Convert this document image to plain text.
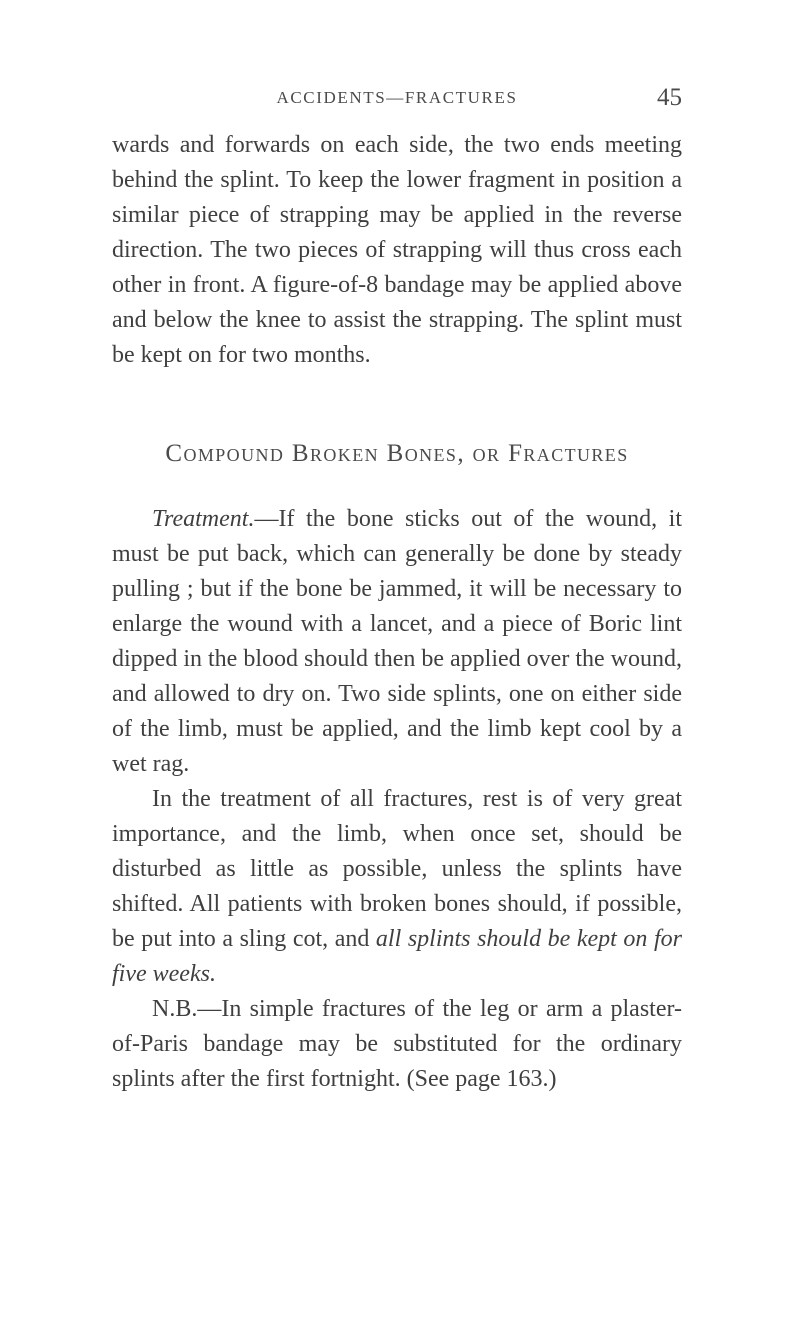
ACCIDENTS—FRACTURES	45

wards and forwards on each side, the two ends meeting behind the splint. To keep the lower fragment in position a similar piece of strapping may be applied in the reverse direction. The two pieces of strapping will thus cross each other in front. A figure-of-8 bandage may be applied above and below the knee to assist the strapping. The splint must be kept on for two months.

Compound Broken Bones, or Fractures

Treatment.—If the bone sticks out of the wound, it must be put back, which can generally be done by steady pulling ; but if the bone be jammed, it will be necessary to enlarge the wound with a lancet, and a piece of Boric lint dipped in the blood should then be applied over the wound, and allowed to dry on. Two side splints, one on either side of the limb, must be applied, and the limb kept cool by a wet rag.

In the treatment of all fractures, rest is of very great importance, and the limb, when once set, should be disturbed as little as possible, unless the splints have shifted. All patients with broken bones should, if possible, be put into a sling cot, and all splints should be kept on for five weeks.

N.B.—In simple fractures of the leg or arm a plaster-of-Paris bandage may be substituted for the ordinary splints after the first fortnight. (See page 163.)
